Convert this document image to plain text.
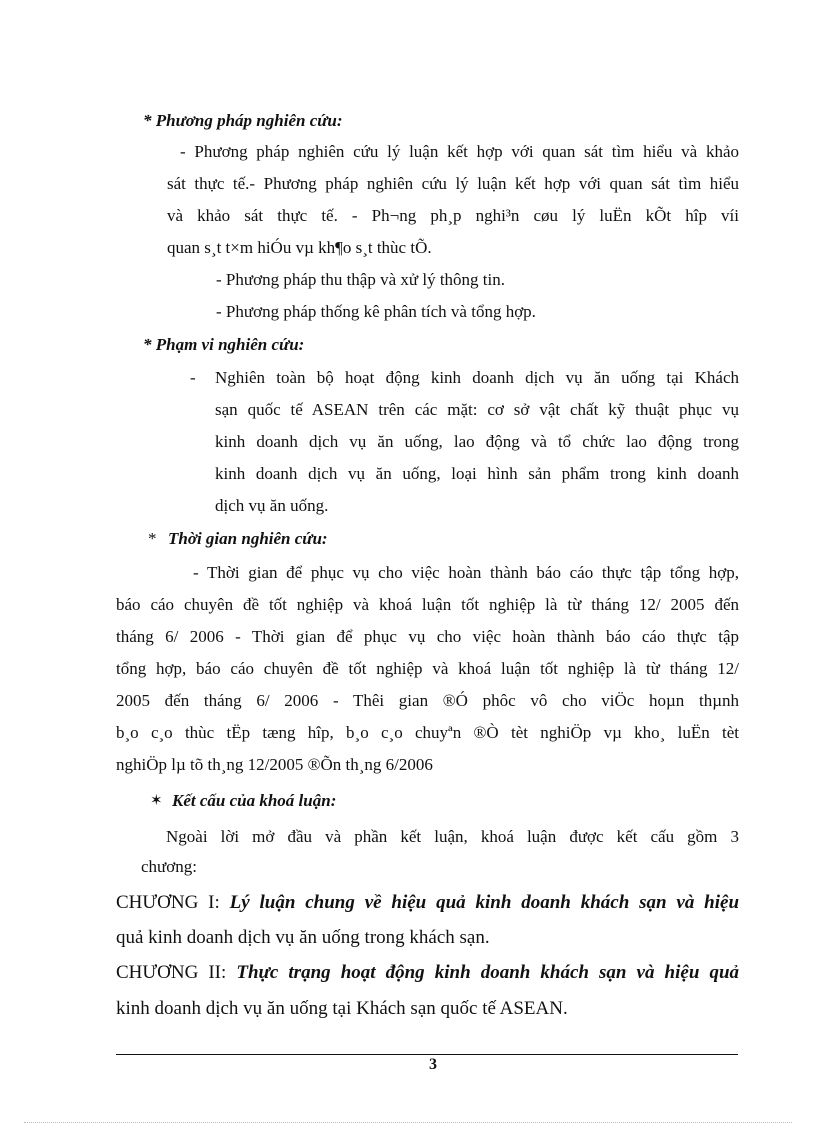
* Phương pháp nghiên cứu:
- Phương pháp nghiên cứu lý luận kết hợp với quan sát tìm hiểu và khảo
sát thực tế.- Phương pháp nghiên cứu lý luận kết hợp với quan sát tìm hiểu
và khảo sát thực tế. - Ph¬ng ph¸p nghi³n cøu lý luËn kÕt hîp víi
quan s¸t t×m hiÓu vµ kh¶o s¸t thùc tÕ.
- Phương pháp thu thập và xử lý thông tin.
- Phương pháp thống kê phân tích và tổng hợp.
* Phạm vi nghiên cứu:
- Nghiên toàn bộ hoạt động kinh doanh dịch vụ ăn uống tại Khách
sạn quốc tế ASEAN trên các mặt: cơ sở vật chất kỹ thuật phục vụ
kinh doanh dịch vụ ăn uống, lao động và tổ chức lao động trong
kinh doanh dịch vụ ăn uống, loại hình sản phẩm trong kinh doanh
dịch vụ ăn uống.
* Thời gian nghiên cứu:
- Thời gian để phục vụ cho việc hoàn thành báo cáo thực tập tổng hợp,
báo cáo chuyên đề tốt nghiệp và khoá luận tốt nghiệp là từ tháng 12/ 2005 đến
tháng 6/ 2006 - Thời gian để phục vụ cho việc hoàn thành báo cáo thực tập
tổng hợp, báo cáo chuyên đề tốt nghiệp và khoá luận tốt nghiệp là từ tháng 12/
2005 đến tháng 6/ 2006 - Thêi gian ®Ó phôc vô cho viÖc hoµn thµnh
b¸o c¸o thùc tËp tæng hîp, b¸o c¸o chuyªn ®Ò tèt nghiÖp vµ kho¸ luËn tèt
nghiÖp lµ tõ th¸ng 12/2005 ®Õn th¸ng 6/2006
✶ Kết cấu của khoá luận:
Ngoài lời mở đầu và phần kết luận, khoá luận được kết cấu gồm 3
chương:
CHƯƠNG I: Lý luận chung về hiệu quả kinh doanh khách sạn và hiệu
quả kinh doanh dịch vụ ăn uống trong khách sạn.
CHƯƠNG II: Thực trạng hoạt động kinh doanh khách sạn và hiệu quả
kinh doanh dịch vụ ăn uống tại Khách sạn quốc tế ASEAN.
3
